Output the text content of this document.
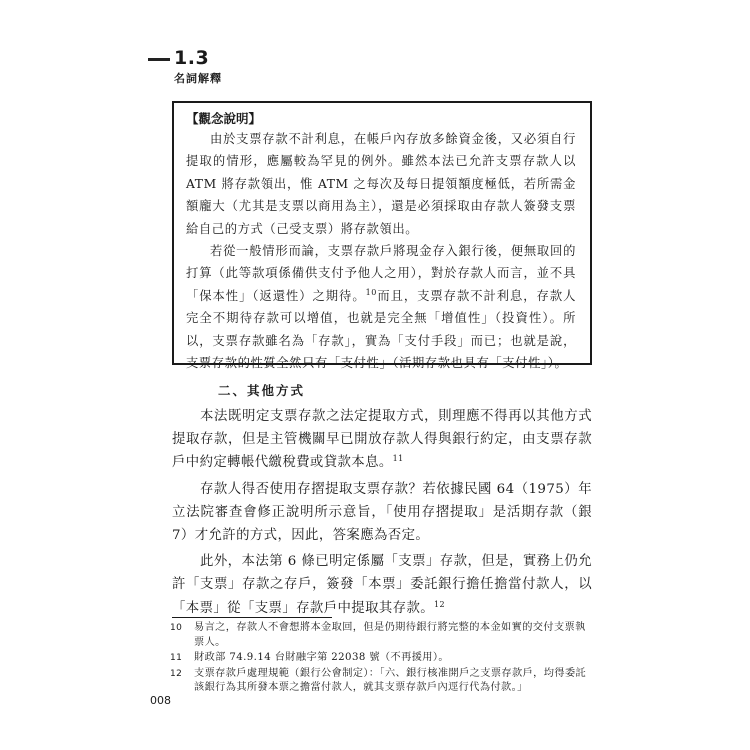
1.3
名詞解釋

【觀念說明】

由於支票存款不計利息，在帳戶內存放多餘資金後，又必須自行提取的情形，應屬較為罕見的例外。雖然本法已允許支票存款人以 ATM 將存款領出，惟 ATM 之每次及每日提領額度極低，若所需金額龐大（尤其是支票以商用為主），還是必須採取由存款人簽發支票給自己的方式（己受支票）將存款領出。

若從一般情形而論，支票存款戶將現金存入銀行後，便無取回的打算（此等款項係備供支付予他人之用），對於存款人而言，並不具「保本性」（返還性）之期待。$^{10}$而且，支票存款不計利息，存款人完全不期待存款可以增值，也就是完全無「增值性」（投資性）。所以，支票存款雖名為「存款」，實為「支付手段」而已；也就是說，支票存款的性質全然只有「支付性」（活期存款也具有「支付性」）。

二、其他方式

本法既明定支票存款之法定提取方式，則理應不得再以其他方式提取存款，但是主管機關早已開放存款人得與銀行約定，由支票存款戶中約定轉帳代繳稅費或貸款本息。$^{11}$

存款人得否使用存摺提取支票存款？若依據民國 64（1975）年立法院審查會修正說明所示意旨，「使用存摺提取」是活期存款（銀 7）才允許的方式，因此，答案應為否定。

此外，本法第 6 條已明定係屬「支票」存款，但是，實務上仍允許「支票」存款之存戶，簽發「本票」委託銀行擔任擔當付款人，以「本票」從「支票」存款戶中提取其存款。$^{12}$

10 易言之，存款人不會想將本金取回，但是仍期待銀行將完整的本金如實的交付支票執票人。
11 財政部 74.9.14 台財融字第 22038 號（不再援用）。
12 支票存款戶處理規範（銀行公會制定）：「六、銀行核准開戶之支票存款戶，均得委託該銀行為其所發本票之擔當付款人，就其支票存款戶內逕行代為付款。」
008
